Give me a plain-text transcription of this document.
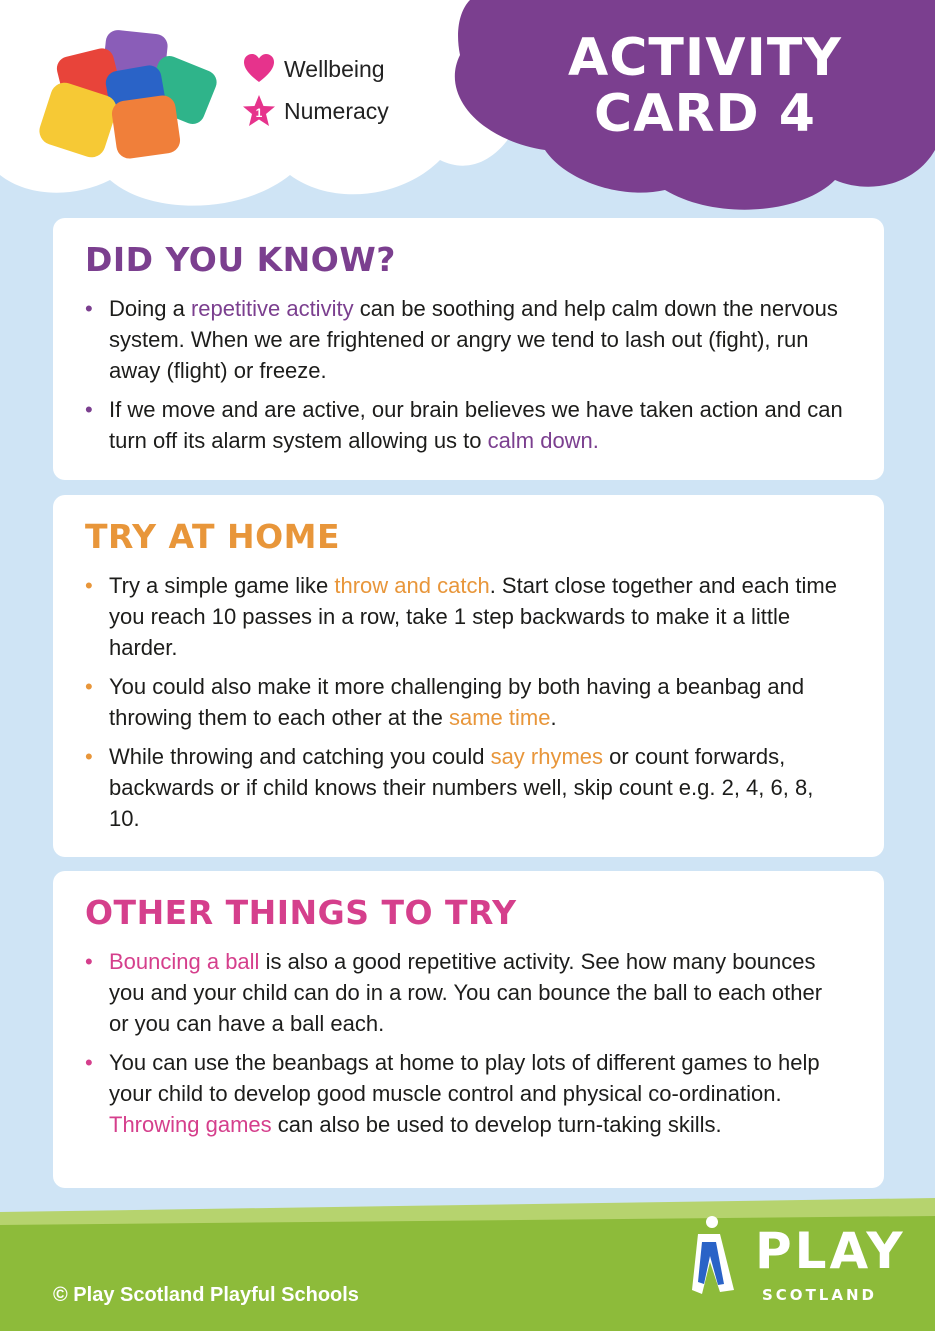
Wellbeing
1 Numeracy
ACTIVITY
CARD 4
DID YOU KNOW?
• Doing a repetitive activity can be soothing and help calm down the nervous system. When we are frightened or angry we tend to lash out (fight), run away (flight) or freeze.
• If we move and are active, our brain believes we have taken action and can turn off its alarm system allowing us to calm down.
TRY AT HOME
• Try a simple game like throw and catch. Start close together and each time you reach 10 passes in a row, take 1 step backwards to make it a little harder.
• You could also make it more challenging by both having a beanbag and throwing them to each other at the same time.
• While throwing and catching you could say rhymes or count forwards, backwards or if child knows their numbers well, skip count e.g. 2, 4, 6, 8, 10.
OTHER THINGS TO TRY
• Bouncing a ball is also a good repetitive activity. See how many bounces you and your child can do in a row. You can bounce the ball to each other or you can have a ball each.
• You can use the beanbags at home to play lots of different games to help your child to develop good muscle control and physical co-ordination. Throwing games can also be used to develop turn-taking skills.
© Play Scotland Playful Schools
PLAY
SCOTLAND
